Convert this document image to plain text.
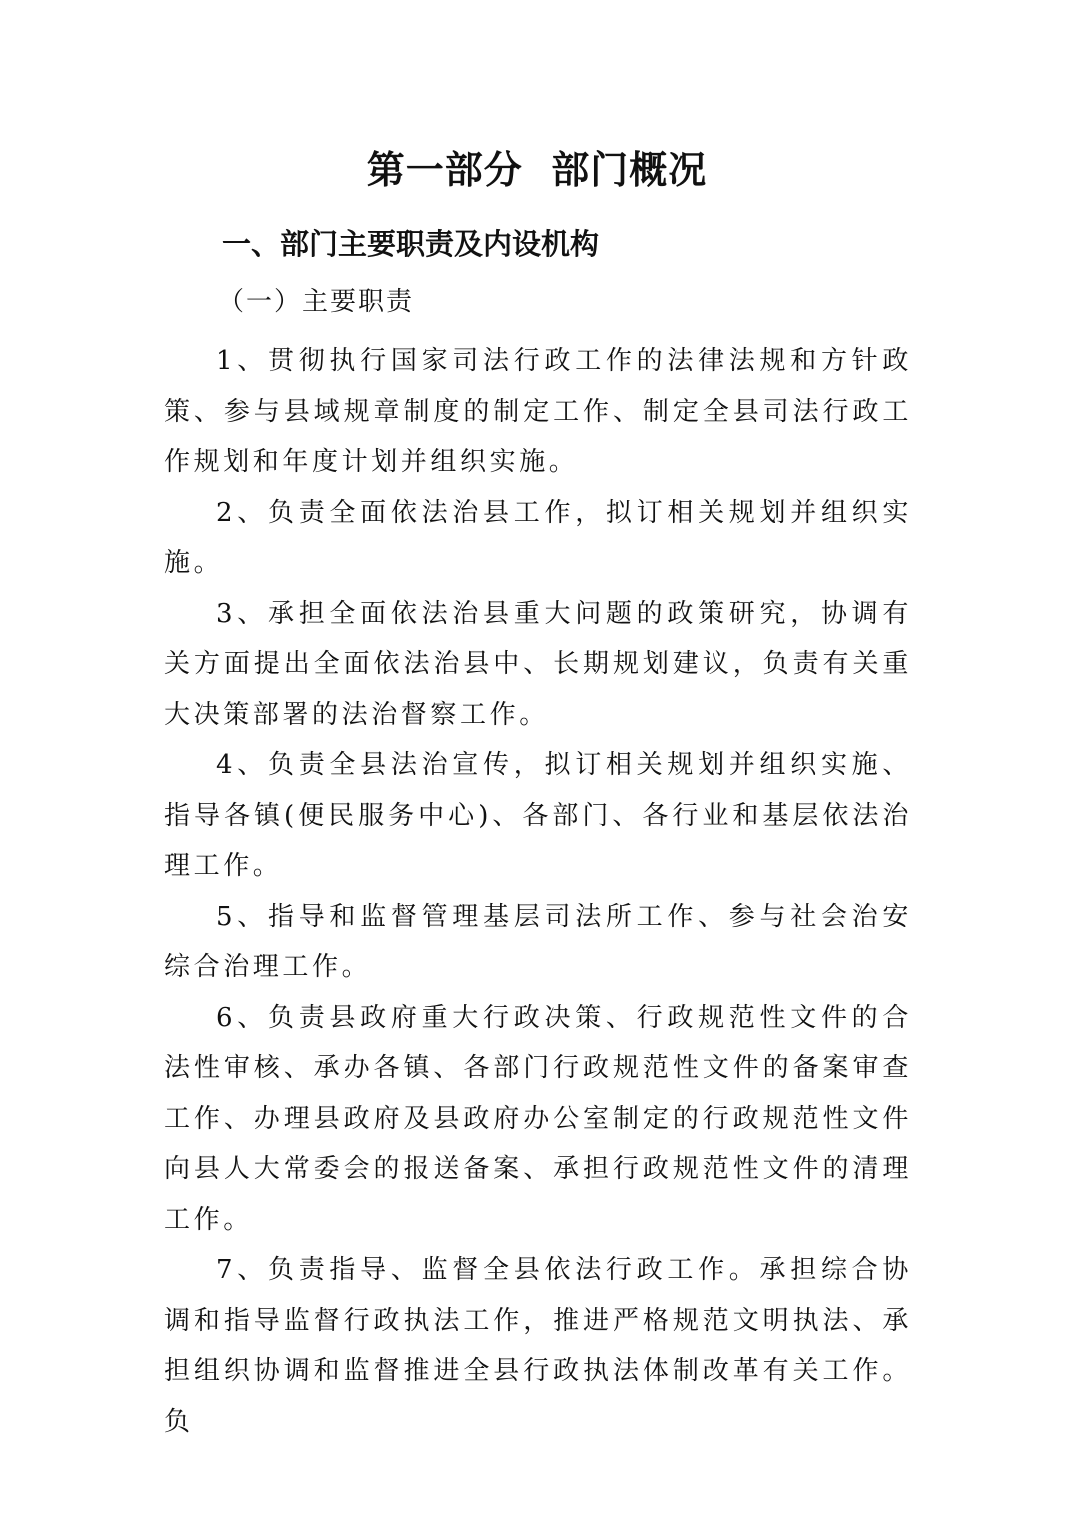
第一部分  部门概况
一、部门主要职责及内设机构
（一）主要职责

1、贯彻执行国家司法行政工作的法律法规和方针政策、参与县域规章制度的制定工作、制定全县司法行政工作规划和年度计划并组织实施。

2、负责全面依法治县工作，拟订相关规划并组织实施。

3、承担全面依法治县重大问题的政策研究，协调有关方面提出全面依法治县中、长期规划建议，负责有关重大决策部署的法治督察工作。

4、负责全县法治宣传，拟订相关规划并组织实施、指导各镇(便民服务中心)、各部门、各行业和基层依法治理工作。

5、指导和监督管理基层司法所工作、参与社会治安综合治理工作。

6、负责县政府重大行政决策、行政规范性文件的合法性审核、承办各镇、各部门行政规范性文件的备案审查工作、办理县政府及县政府办公室制定的行政规范性文件向县人大常委会的报送备案、承担行政规范性文件的清理工作。

7、负责指导、监督全县依法行政工作。承担综合协调和指导监督行政执法工作，推进严格规范文明执法、承担组织协调和监督推进全县行政执法体制改革有关工作。负
